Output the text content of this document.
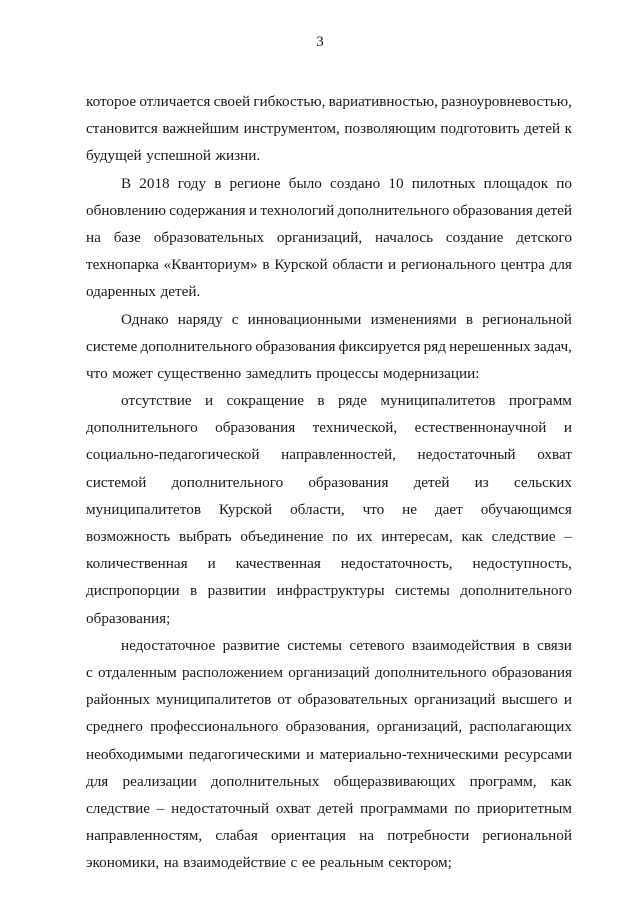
3
которое отличается своей гибкостью, вариативностью, разноуровневостью,
становится важнейшим инструментом, позволяющим подготовить детей к
будущей успешной жизни.
В 2018 году в регионе было создано 10 пилотных площадок по
обновлению содержания и технологий дополнительного образования детей
на базе образовательных организаций, началось создание детского
технопарка «Кванториум» в Курской области и регионального центра для
одаренных детей.
Однако наряду с инновационными изменениями в региональной
системе дополнительного образования фиксируется ряд нерешенных задач,
что может существенно замедлить процессы модернизации:
отсутствие и сокращение в ряде муниципалитетов программ
дополнительного образования технической, естественнонаучной и
социально-педагогической направленностей, недостаточный охват
системой дополнительного образования детей из сельских
муниципалитетов Курской области, что не дает обучающимся
возможность выбрать объединение по их интересам, как следствие –
количественная и качественная недостаточность, недоступность,
диспропорции в развитии инфраструктуры системы дополнительного
образования;
недостаточное развитие системы сетевого взаимодействия в связи
с отдаленным расположением организаций дополнительного образования
районных муниципалитетов от образовательных организаций высшего и
среднего профессионального образования, организаций, располагающих
необходимыми педагогическими и материально-техническими ресурсами
для реализации дополнительных общеразвивающих программ, как
следствие – недостаточный охват детей программами по приоритетным
направленностям, слабая ориентация на потребности региональной
экономики, на взаимодействие с ее реальным сектором;
